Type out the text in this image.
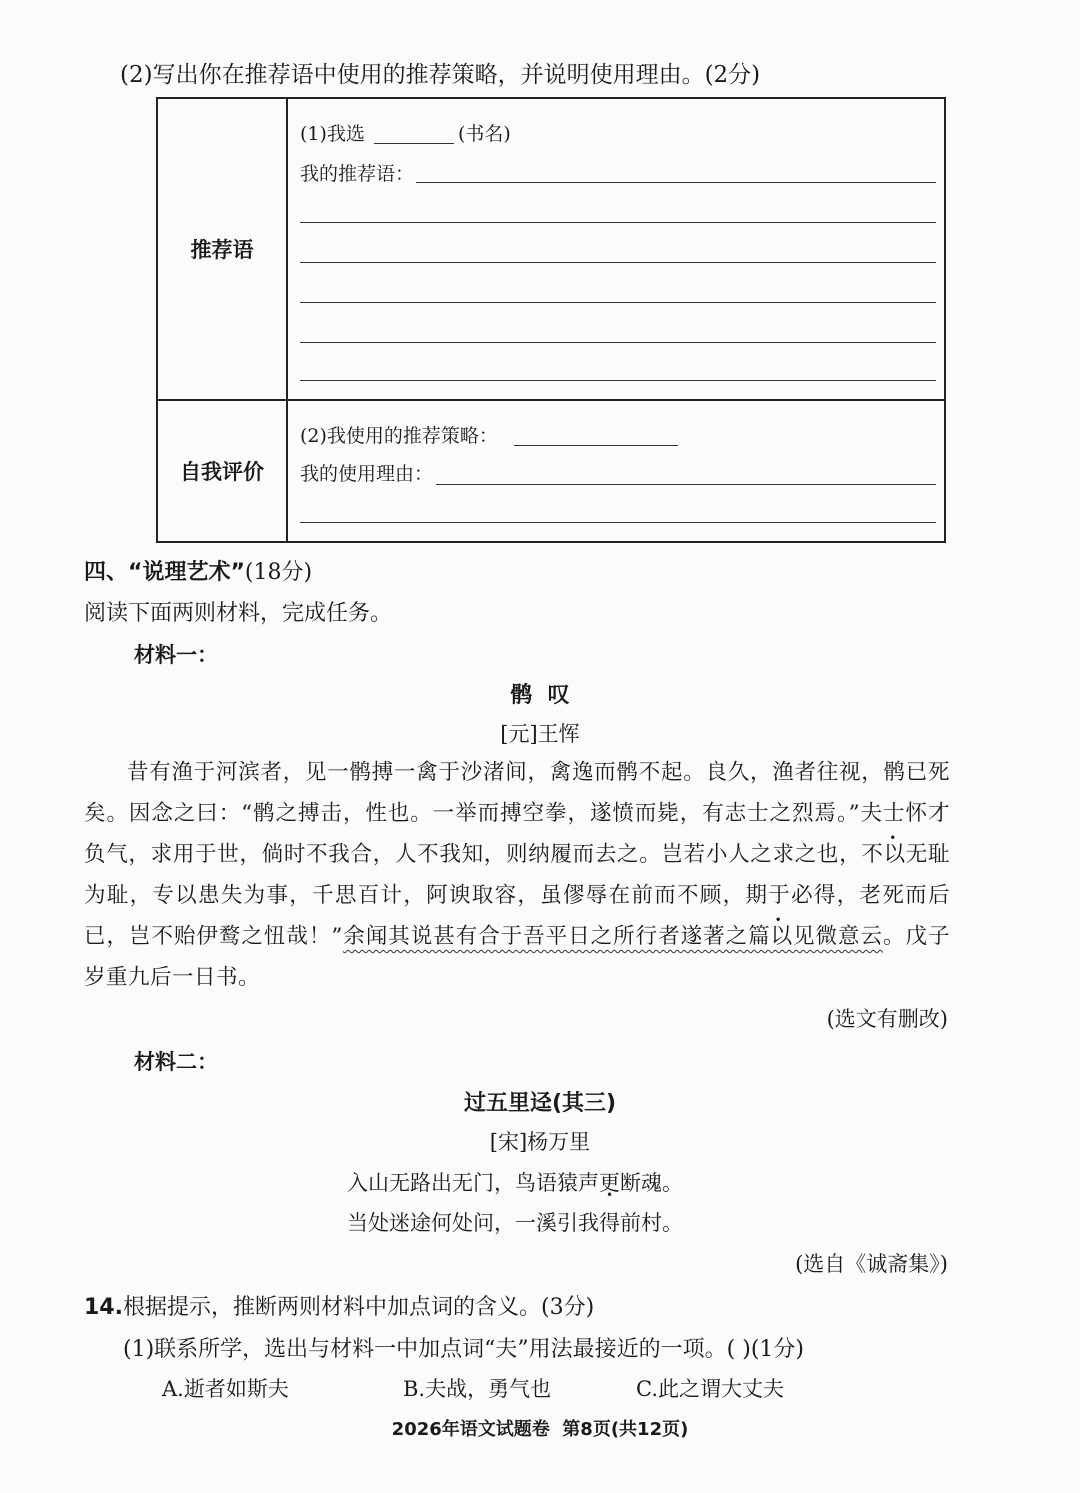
(2)写出你在推荐语中使用的推荐策略，并说明使用理由。(2分)
推荐语	(1)我选 (书名)
我的推荐语：

自我评价	(2)我使用的推荐策略：
我的使用理由：
四、“说理艺术”(18分)
阅读下面两则材料，完成任务。
材料一：
鹘  叹
[元]王恽

昔有渔于河滨者，见一鹘搏一禽于沙渚间，禽逸而鹘不起。良久，渔者往视，鹘已死矣。因念之曰：“鹘之搏击，性也。一举而搏空拳，遂愤而毙，有志士之烈焉。”夫士怀才负气，求用于世，倘时不我合，人不我知，则纳履而去之。岂若小人之求之也，不以无耻为耻，专以患失为事，千思百计，阿谀取容，虽僇辱在前而不顾，期于必得，老死而后已，岂不贻伊鹜之忸哉！”余闻其说甚有合于吾平日之所行者遂著之篇以见微意云。戊子岁重九后一日书。

(选文有删改)
材料二：
过五里迳(其三)
[宋]杨万里
入山无路出无门，鸟语猿声更断魂。
当处迷途何处问，一溪引我得前村。
(选自《诚斋集》)
14.根据提示，推断两则材料中加点词的含义。(3分)
(1)联系所学，选出与材料一中加点词“夫”用法最接近的一项。( )(1分)
A.逝者如斯夫	B.夫战，勇气也	C.此之谓大丈夫
2026年语文试题卷  第8页(共12页)
